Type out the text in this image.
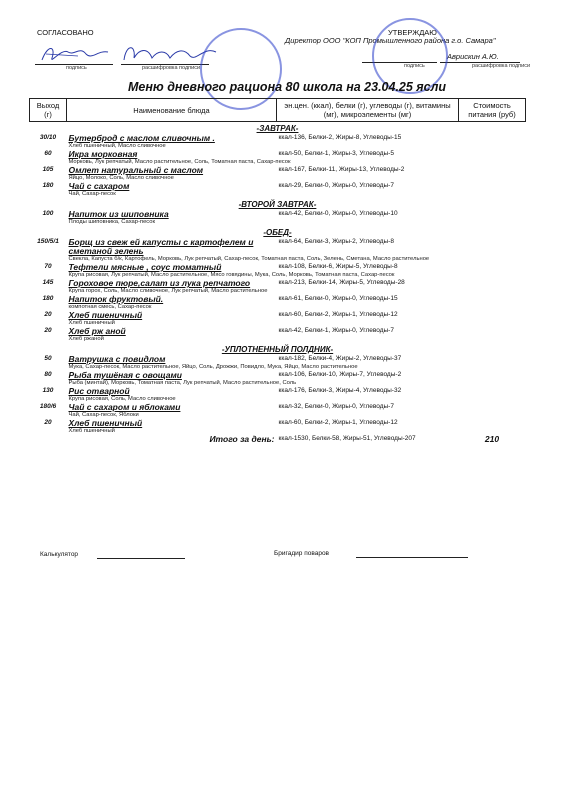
СОГЛАСОВАНО	УТВЕРЖДАЮ
подпись	расшифровка подписи
Директор ООО "КОП Промышленного района г.о. Самара"
Аврискин А.Ю.
подпись	расшифровка подписи
Меню дневного рациона 80 школа на 23.04.25 ясли
Выход (г)	Наименование блюда	эн.цен. (ккал), белки (г), углеводы (г), витамины (мг), микроэлементы (мг)	Стоимость питания (руб)
-ЗАВТРАК-			
30/10	Бутерброд с маслом сливочным .	ккал-136, Белки-2, Жиры-8, Углеводы-15	
	Хлеб пшеничный, Масло сливочное		
60	Икра морковная	ккал-50, Белки-1, Жиры-3, Углеводы-5	
	Морковь, Лук репчатый, Масло растительное, Соль, Томатная паста, Сахар-песок		
105	Омлет натуральный с маслом	ккал-167, Белки-11, Жиры-13, Углеводы-2	
	Яйцо, Молоко, Соль, Масло сливочное		
180	Чай с сахаром	ккал-29, Белки-0, Жиры-0, Углеводы-7	
	Чай, Сахар-песок		
-ВТОРОЙ ЗАВТРАК-			
100	Напиток из шиповника	ккал-42, Белки-0, Жиры-0, Углеводы-10	
	Плоды шиповника, Сахар-песок		
-ОБЕД-			
150/5/1	Борщ из свеж ей капусты с картофелем и сметаной зелень	ккал-64, Белки-3, Жиры-2, Углеводы-8	
	Свекла, Капуста б/к, Картофель, Морковь, Лук репчатый, Сахар-песок, Томатная паста, Соль, Зелень, Сметана, Масло растительное		
70	Тефтели мясные , соус томатный	ккал-108, Белки-6, Жиры-5, Углеводы-8	
	Крупа рисовая, Лук репчатый, Масло растительное, Мясо говядины, Мука, Соль, Морковь, Томатная паста, Сахар-песок		
145	Гороховое пюре,салат из лука репчатого	ккал-213, Белки-14, Жиры-5, Углеводы-28	
	Крупа горох, Соль, Масло сливочное, Лук репчатый, Масло растительное		
180	Напиток фруктовый.	ккал-61, Белки-0, Жиры-0, Углеводы-15	
	компотная смесь, Сахар-песок		
20	Хлеб пшеничный	ккал-60, Белки-2, Жиры-1, Углеводы-12	
	Хлеб пшеничный		
20	Хлеб рж аной	ккал-42, Белки-1, Жиры-0, Углеводы-7	
	Хлеб ржаной		
-УПЛОТНЕННЫЙ ПОЛДНИК-			
50	Ватрушка с повидлом	ккал-182, Белки-4, Жиры-2, Углеводы-37	
	Мука, Сахар-песок, Масло растительное, Яйцо, Соль, Дрожжи, Повидло, Мука, Яйцо, Масло растительное		
80	Рыба тушёная с овощами	ккал-106, Белки-10, Жиры-7, Углеводы-2	
	Рыба (минтай), Морковь, Томатная паста, Лук репчатый, Масло растительное, Соль		
130	Рис отварной	ккал-176, Белки-3, Жиры-4, Углеводы-32	
	Крупа рисовая, Соль, Масло сливочное		
180/6	Чай с сахаром и яблоками	ккал-32, Белки-0, Жиры-0, Углеводы-7	
	Чай, Сахар-песок, Яблоки		
20	Хлеб пшеничный	ккал-60, Белки-2, Жиры-1, Углеводы-12	
	Хлеб пшеничный		
	Итого за день:	ккал-1530, Белки-58, Жиры-51, Углеводы-207	210
Калькулятор	Бригадир поваров
